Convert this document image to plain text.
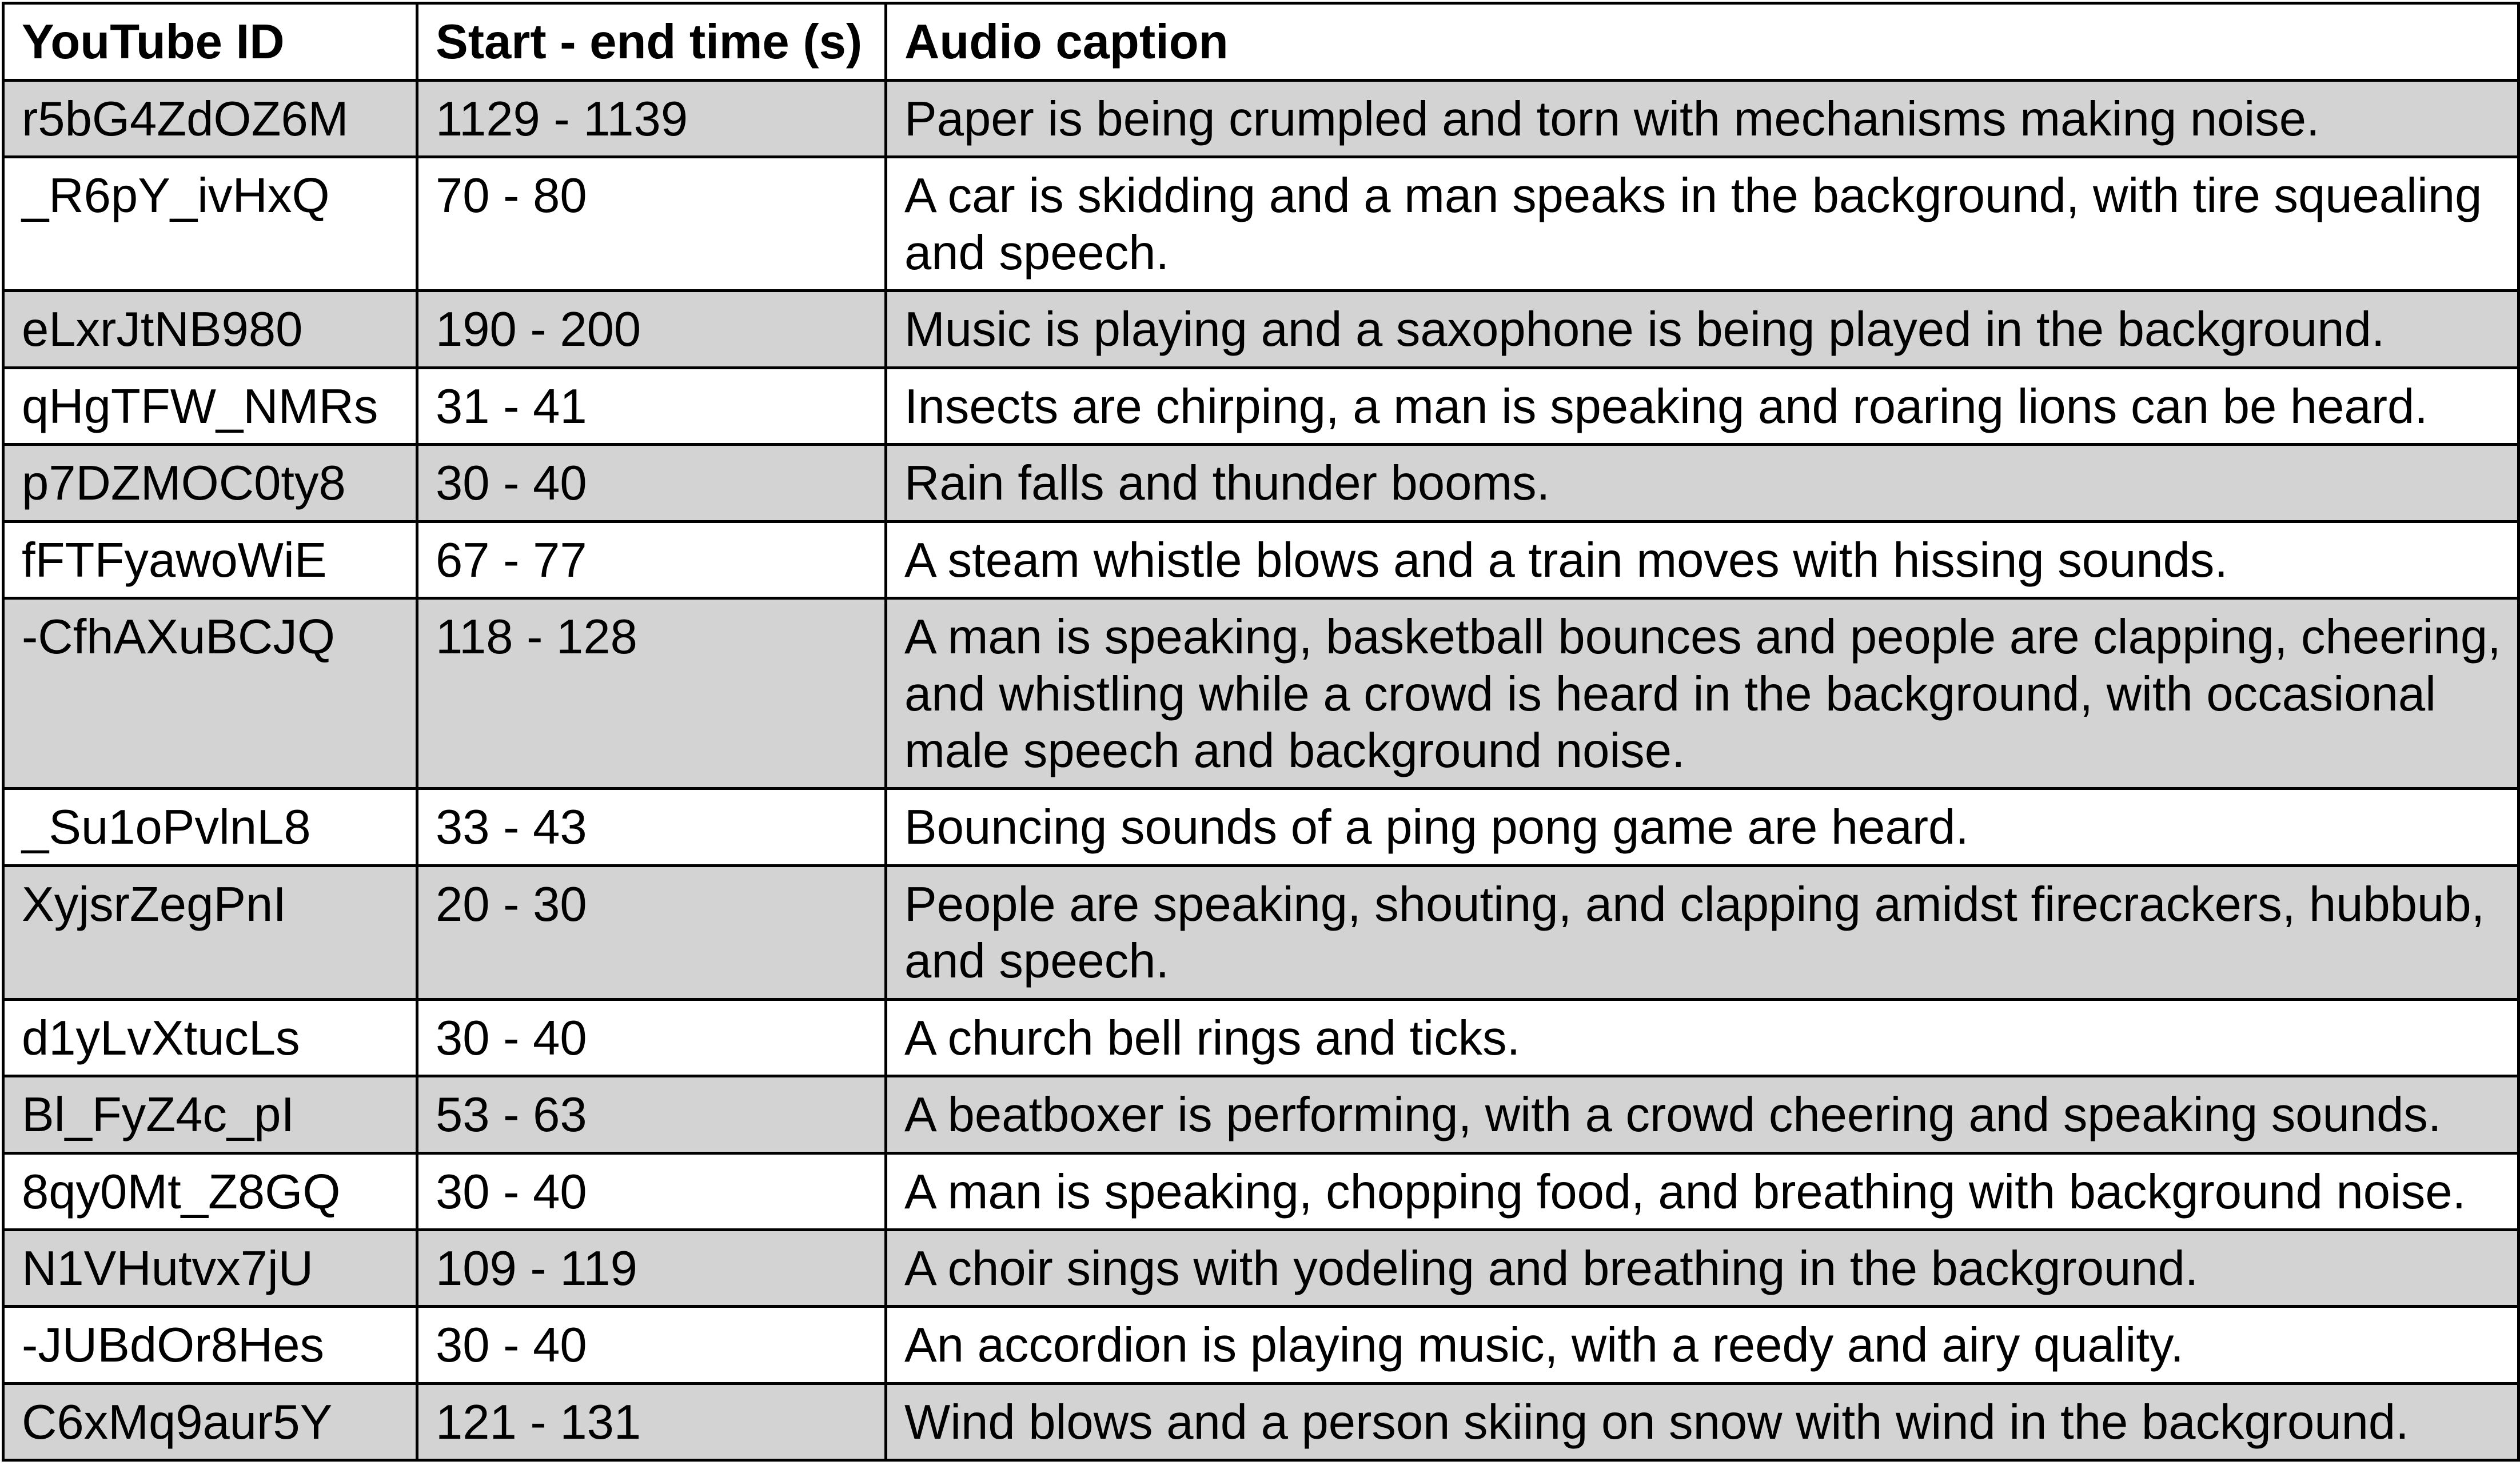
YouTube ID	Start - end time (s)	Audio caption
r5bG4ZdOZ6M	1129 - 1139	Paper is being crumpled and torn with mechanisms making noise.
_R6pY_ivHxQ	70 - 80	A car is skidding and a man speaks in the background, with tire squealing and speech.
eLxrJtNB980	190 - 200	Music is playing and a saxophone is being played in the background.
qHgTFW_NMRs	31 - 41	Insects are chirping, a man is speaking and roaring lions can be heard.
p7DZMOC0ty8	30 - 40	Rain falls and thunder booms.
fFTFyawoWiE	67 - 77	A steam whistle blows and a train moves with hissing sounds.
-CfhAXuBCJQ	118 - 128	A man is speaking, basketball bounces and people are clapping, cheering, and whistling while a crowd is heard in the background, with occasional male speech and background noise.
_Su1oPvlnL8	33 - 43	Bouncing sounds of a ping pong game are heard.
XyjsrZegPnI	20 - 30	People are speaking, shouting, and clapping amidst firecrackers, hubbub, and speech.
d1yLvXtucLs	30 - 40	A church bell rings and ticks.
Bl_FyZ4c_pI	53 - 63	A beatboxer is performing, with a crowd cheering and speaking sounds.
8qy0Mt_Z8GQ	30 - 40	A man is speaking, chopping food, and breathing with background noise.
N1VHutvx7jU	109 - 119	A choir sings with yodeling and breathing in the background.
-JUBdOr8Hes	30 - 40	An accordion is playing music, with a reedy and airy quality.
C6xMq9aur5Y	121 - 131	Wind blows and a person skiing on snow with wind in the background.
